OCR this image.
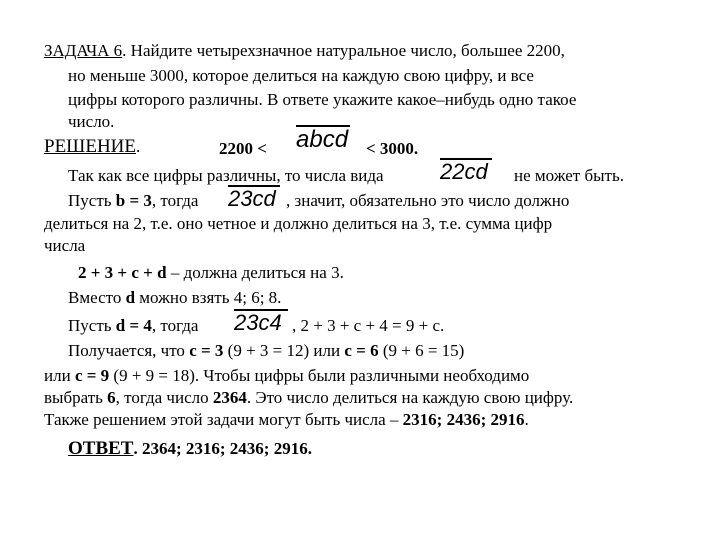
ЗАДАЧА 6. Найдите четырехзначное натуральное число, большее 2200,
но меньше 3000, которое делиться на каждую свою цифру, и все
цифры которого различны. В ответе укажите какое–нибудь одно такое
число.
РЕШЕНИЕ.	2200 < abcd < 3000.
Так как все цифры различны, то числа вида	22cd не может быть.
Пусть b = 3, тогда 23cd , значит, обязательно это число должно
делиться на 2, т.е. оно четное и должно делиться на 3, т.е. сумма цифр
числа
2 + 3 + c + d – должна делиться на 3.
Вместо d можно взять 4; 6; 8.
Пусть d = 4, тогда 23c4 , 2 + 3 + c + 4 = 9 + c.
Получается, что c = 3 (9 + 3 = 12) или c = 6 (9 + 6 = 15)
или c = 9 (9 + 9 = 18). Чтобы цифры были различными необходимо
выбрать 6, тогда число 2364. Это число делиться на каждую свою цифру.
Также решением этой задачи могут быть числа – 2316; 2436; 2916.
ОТВЕТ. 2364; 2316; 2436; 2916.
